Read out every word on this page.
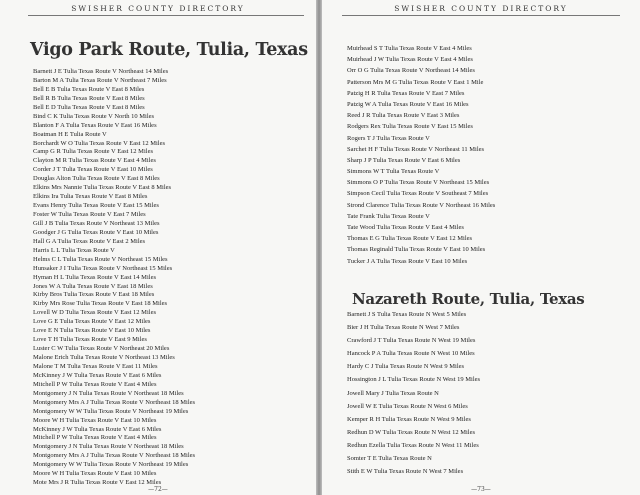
SWISHER COUNTY DIRECTORY
Vigo Park Route, Tulia, Texas
Barnett J E Tulia Texas Route V Northeast 14 Miles
Barton M A Tulia Texas Route V Northeast 7 Miles
Bell E B Tulia Texas Route V East 8 Miles
Bell R B Tulia Texas Route V East 8 Miles
Bell E D Tulia Texas Route V East 8 Miles
Bind C K Tulia Texas Route V North 10 Miles
Blanton F A Tulia Texas Route V East 16 Miles
Boatman H E Tulia Route V
Borchardt W O Tulia Texas Route V East 12 Miles
Camp G R Tulia Texas Route V East 12 Miles
Clayton M R Tulia Texas Route V East 4 Miles
Corder J T Tulia Texas Route V East 10 Miles
Douglas Alton Tulia Texas Route V East 8 Miles
Elkins Mrs Nannie Tulia Texas Route V East 8 Miles
Elkins Ira Tulia Texas Route V East 8 Miles
Evans Henry Tulia Texas Route V East 15 Miles
Foster W Tulia Texas Route V East 7 Miles
Gill J B Tulia Texas Route V Northeast 13 Miles
Goodger J G Tulia Texas Route V East 10 Miles
Hall G A Tulia Texas Route V East 2 Miles
Harris L L Tulia Texas Route V
Helms C L Tulia Texas Route V Northeast 15 Miles
Hunsaker J I Tulia Texas Route V Northeast 15 Miles
Hyman H L Tulia Texas Route V East 14 Miles
Jones W A Tulia Texas Route V East 18 Miles
Kirby Bros Tulia Texas Route V East 18 Miles
Kirby Mrs Rose Tulia Texas Route V East 18 Miles
Lovell W D Tulia Texas Route V East 12 Miles
Love G E Tulia Texas Route V East 12 Miles
Love E N Tulia Texas Route V East 10 Miles
Love T H Tulia Texas Route V East 9 Miles
Luster C W Tulia Texas Route V Northeast 20 Miles
Malone Erich Tulia Texas Route V Northeast 13 Miles
Malone T M Tulia Texas Route V East 11 Miles
McKinney J W Tulia Texas Route V East 6 Miles
Mitchell P W Tulia Texas Route V East 4 Miles
Montgomery J N Tulia Texas Route V Northeast 18 Miles
Montgomery Mrs A J Tulia Texas Route V Northeast 18 Miles
Montgomery W W Tulia Texas Route V Northeast 19 Miles
Moore W H Tulia Texas Route V East 10 Miles
McKinney J W Tulia Texas Route V East 6 Miles
Mitchell P W Tulia Texas Route V East 4 Miles
Montgomery J N Tulia Texas Route V Northeast 18 Miles
Montgomery Mrs A J Tulia Texas Route V Northeast 18 Miles
Montgomery W W Tulia Texas Route V Northeast 19 Miles
Moore W H Tulia Texas Route V East 10 Miles
Mote Mrs J R Tulia Texas Route V East 12 Miles
—72—
SWISHER COUNTY DIRECTORY
Muirhead S T Tulia Texas Route V East 4 Miles
Muirhead J W Tulia Texas Route V East 4 Miles
Orr O G Tulia Texas Route V Northeast 14 Miles
Patterson Mrs M G Tulia Texas Route V East 1 Mile
Patzig H R Tulia Texas Route V East 7 Miles
Patzig W A Tulia Texas Route V East 16 Miles
Reed J R Tulia Texas Route V East 3 Miles
Rodgers Rex Tulia Texas Route V East 15 Miles
Rogers T J Tulia Texas Route V
Sarchet H F Tulia Texas Route V Northeast 11 Miles
Sharp J P Tulia Texas Route V East 6 Miles
Simmons W T Tulia Texas Route V
Simmons O P Tulia Texas Route V Northeast 15 Miles
Simpson Cecil Tulia Texas Route V Southeast 7 Miles
Strond Clarence Tulia Texas Route V Northeast 16 Miles
Tate Frank Tulia Texas Route V
Tate Wood Tulia Texas Route V East 4 Miles
Thomas E G Tulia Texas Route V East 12 Miles
Thomas Reginald Tulia Texas Route V East 10 Miles
Tucker J A Tulia Texas Route V East 10 Miles
Nazareth Route, Tulia, Texas
Barnett J S Tulia Texas Route N West 5 Miles
Bier J H Tulia Texas Route N West 7 Miles
Crawford J T Tulia Texas Route N West 19 Miles
Hancock P A Tulia Texas Route N West 10 Miles
Hardy C J Tulia Texas Route N West 9 Miles
Hossington J L Tulia Texas Route N West 19 Miles
Jowell Mary J Tulia Texas Route N
Jowell W E Tulia Texas Route N West 6 Miles
Kemper R H Tulia Texas Route N West 9 Miles
Redhun D W Tulia Texas Route N West 12 Miles
Redhun Ezella Tulia Texas Route N West 11 Miles
Somter T E Tulia Texas Route N
Stith E W Tulia Texas Route N West 7 Miles
—73—
